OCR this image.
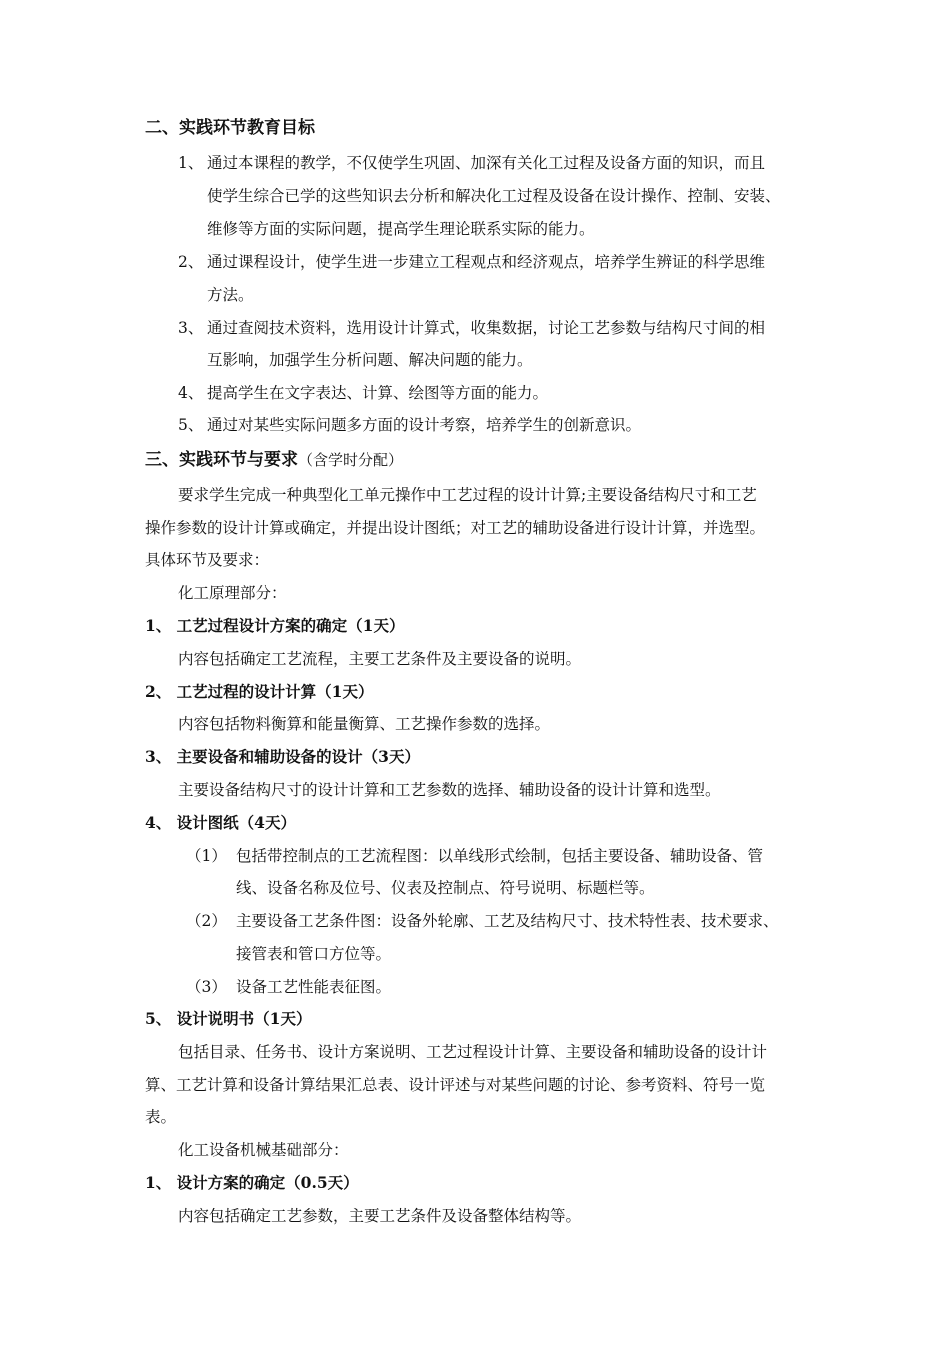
二、实践环节教育目标
1、 通过本课程的教学，不仅使学生巩固、加深有关化工过程及设备方面的知识，而且
使学生综合已学的这些知识去分析和解决化工过程及设备在设计操作、控制、安装、
维修等方面的实际问题，提高学生理论联系实际的能力。
2、 通过课程设计，使学生进一步建立工程观点和经济观点，培养学生辨证的科学思维
方法。
3、 通过查阅技术资料，选用设计计算式，收集数据，讨论工艺参数与结构尺寸间的相
互影响，加强学生分析问题、解决问题的能力。
4、 提高学生在文字表达、计算、绘图等方面的能力。
5、 通过对某些实际问题多方面的设计考察，培养学生的创新意识。
三、实践环节与要求（含学时分配）
要求学生完成一种典型化工单元操作中工艺过程的设计计算;主要设备结构尺寸和工艺
操作参数的设计计算或确定，并提出设计图纸；对工艺的辅助设备进行设计计算，并选型。
具体环节及要求：
化工原理部分：
1、 工艺过程设计方案的确定（1天）
内容包括确定工艺流程，主要工艺条件及主要设备的说明。
2、 工艺过程的设计计算（1天）
内容包括物料衡算和能量衡算、工艺操作参数的选择。
3、 主要设备和辅助设备的设计（3天）
主要设备结构尺寸的设计计算和工艺参数的选择、辅助设备的设计计算和选型。
4、 设计图纸（4天）
（1） 包括带控制点的工艺流程图：以单线形式绘制，包括主要设备、辅助设备、管
线、设备名称及位号、仪表及控制点、符号说明、标题栏等。
（2） 主要设备工艺条件图：设备外轮廓、工艺及结构尺寸、技术特性表、技术要求、
接管表和管口方位等。
（3） 设备工艺性能表征图。
5、 设计说明书（1天）
包括目录、任务书、设计方案说明、工艺过程设计计算、主要设备和辅助设备的设计计
算、工艺计算和设备计算结果汇总表、设计评述与对某些问题的讨论、参考资料、符号一览
表。
化工设备机械基础部分：
1、 设计方案的确定（0.5天）
内容包括确定工艺参数，主要工艺条件及设备整体结构等。
